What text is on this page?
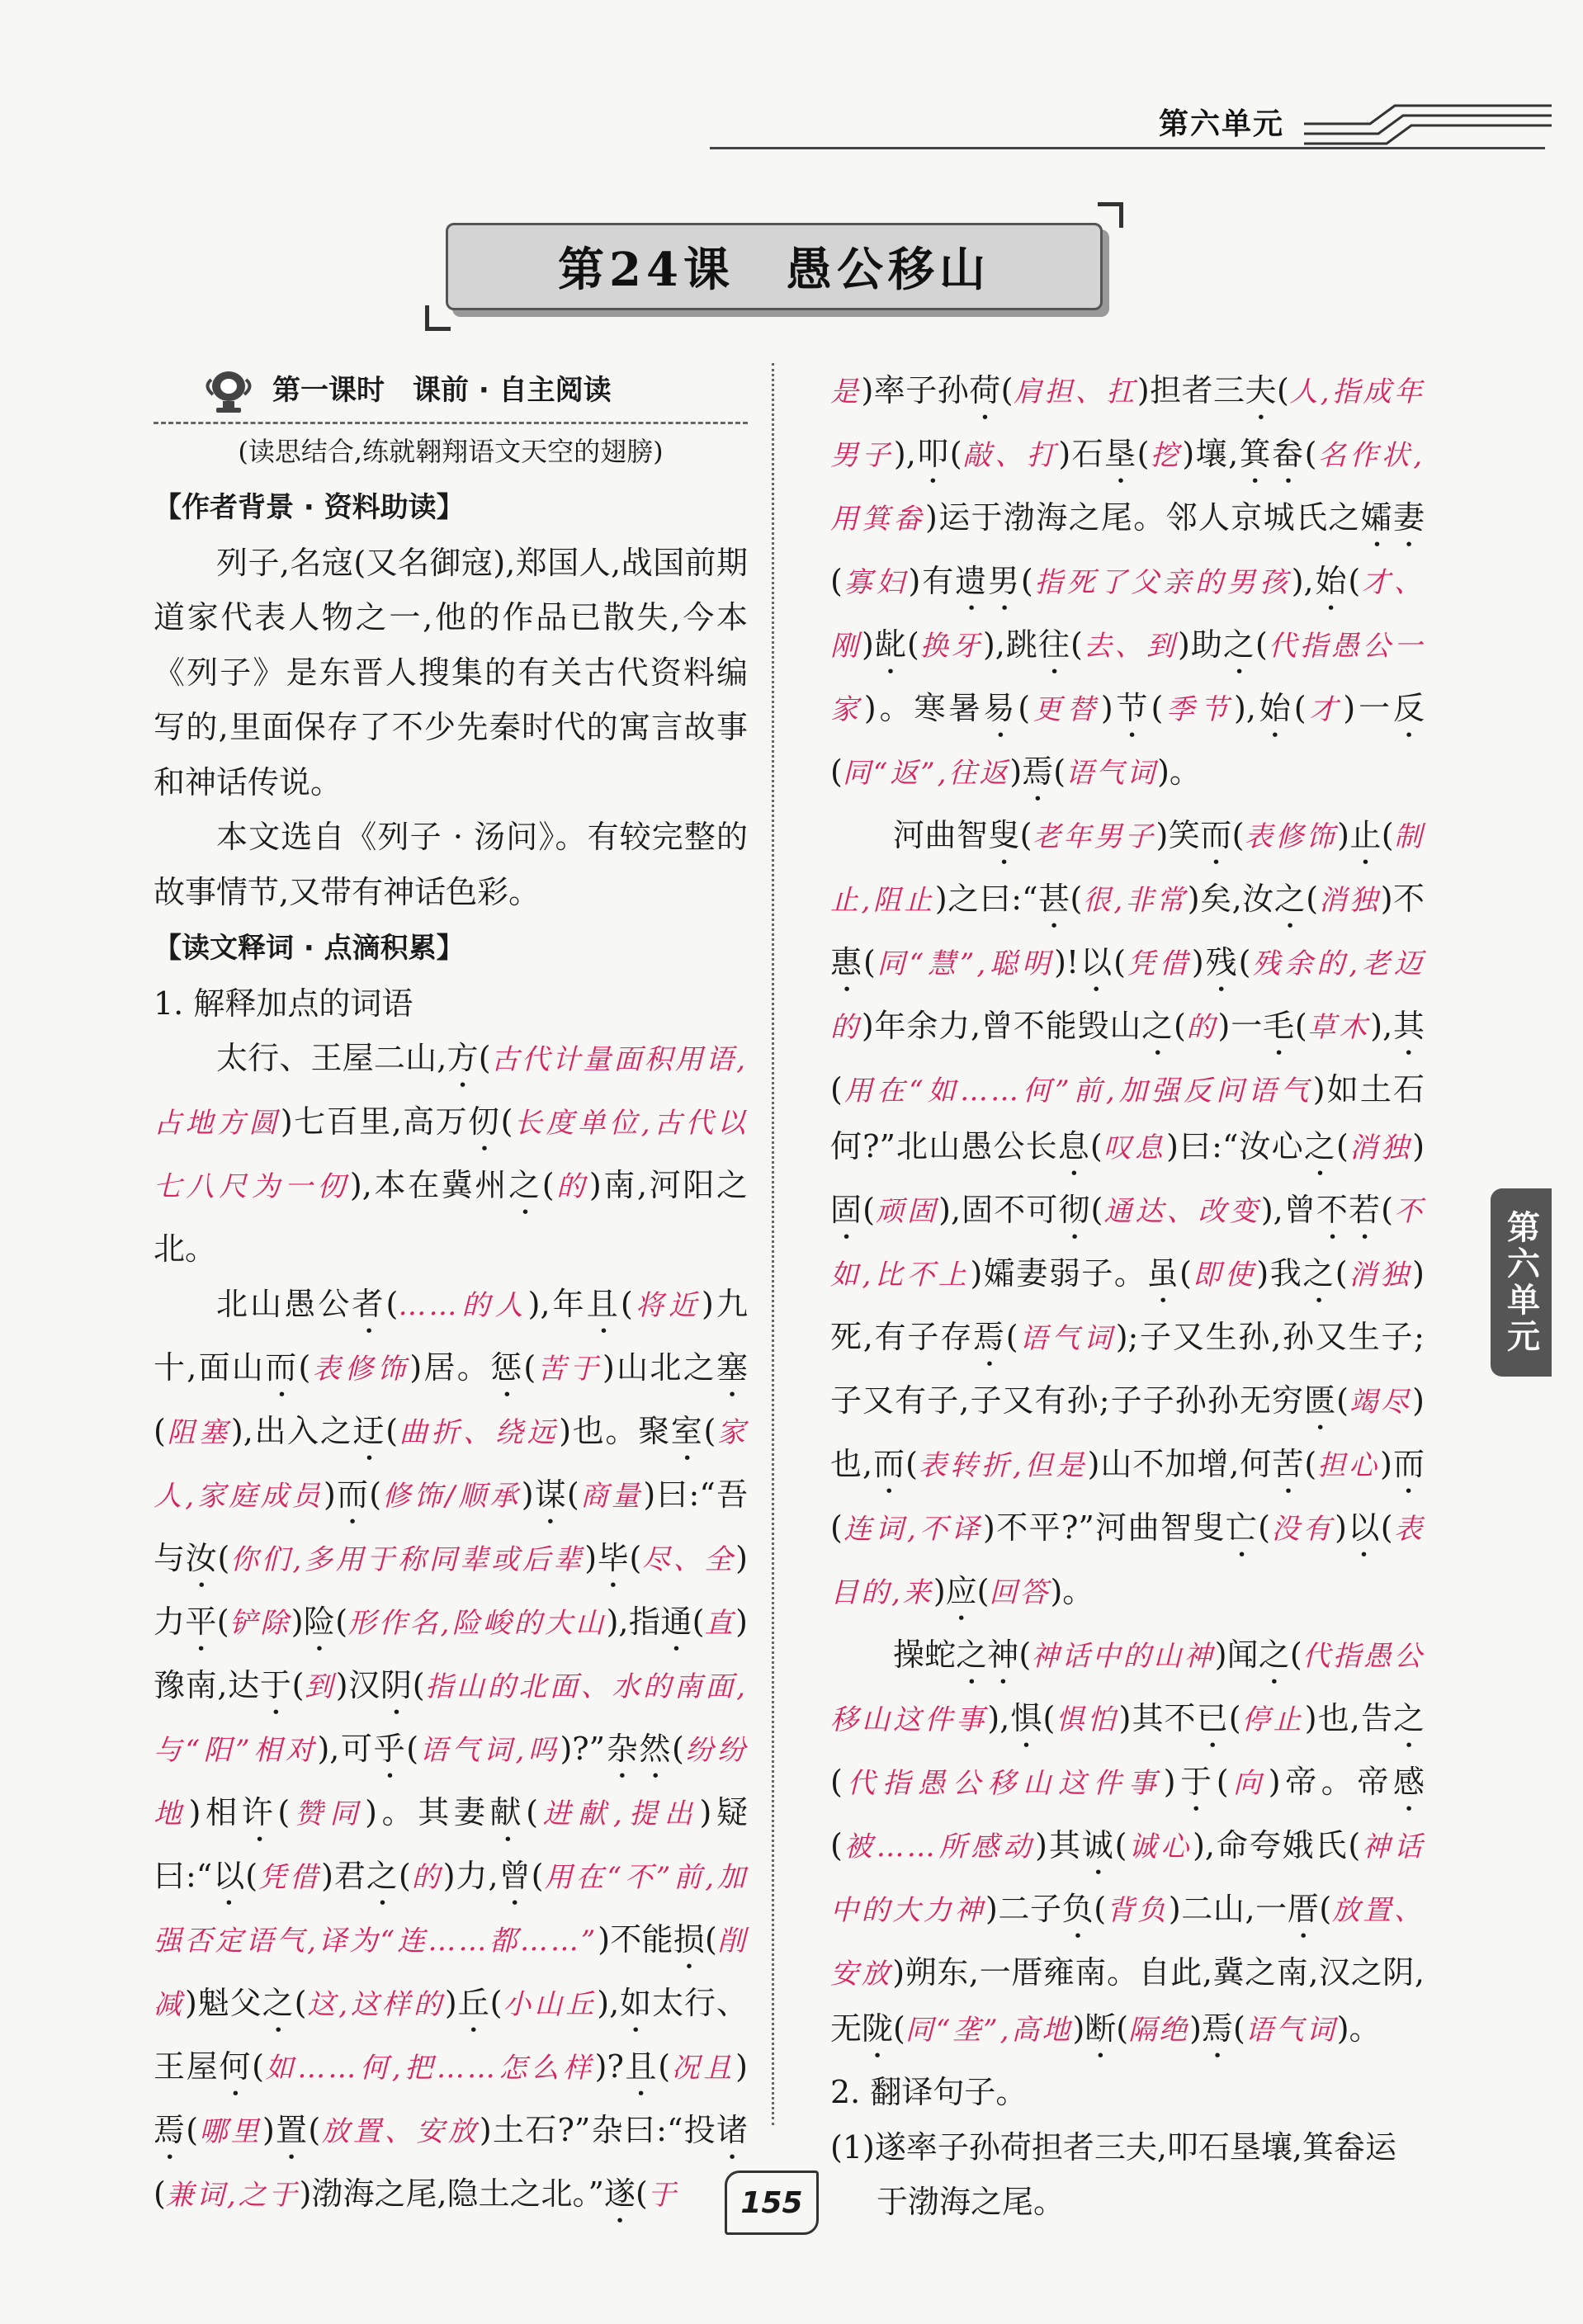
第六单元
第24课　愚公移山
第一课时　课前 · 自主阅读
(读思结合,练就翱翔语文天空的翅膀)
【作者背景 · 资料助读】

列子,名寇(又名御寇),郑国人,战国前期道家代表人物之一,他的作品已散失,今本《列子》是东晋人搜集的有关古代资料编写的,里面保存了不少先秦时代的寓言故事和神话传说。

本文选自《列子 · 汤问》。有较完整的故事情节,又带有神话色彩。

【读文释词 · 点滴积累】

1. 解释加点的词语

太行、王屋二山,方(古代计量面积用语,占地方圆)七百里,高万仞(长度单位,古代以七八尺为一仞),本在冀州之(的)南,河阳之北。

北山愚公者(……的人),年且(将近)九十,面山而(表修饰)居。惩(苦于)山北之塞(阻塞),出入之迂(曲折、绕远)也。聚室(家人,家庭成员)而(修饰/顺承)谋(商量)曰:“吾与汝(你们,多用于称同辈或后辈)毕(尽、全)力平(铲除)险(形作名,险峻的大山),指通(直)豫南,达于(到)汉阴(指山的北面、水的南面,与“阳”相对),可乎(语气词,吗)?”杂然(纷纷地)相许(赞同)。其妻献(进献,提出)疑曰:“以(凭借)君之(的)力,曾(用在“不”前,加强否定语气,译为“连……都……”)不能损(削减)魁父之(这,这样的)丘(小山丘),如太行、王屋何(如……何,把……怎么样)?且(况且)焉(哪里)置(放置、安放)土石?”杂曰:“投诸(兼词,之于)渤海之尾,隐土之北。”遂(于

是)率子孙荷(肩担、扛)担者三夫(人,指成年男子),叩(敲、打)石垦(挖)壤,箕畚(名作状,用箕畚)运于渤海之尾。邻人京城氏之孀妻(寡妇)有遗男(指死了父亲的男孩),始(才、刚)龀(换牙),跳往(去、到)助之(代指愚公一家)。寒暑易(更替)节(季节),始(才)一反(同“返”,往返)焉(语气词)。

河曲智叟(老年男子)笑而(表修饰)止(制止,阻止)之曰:“甚(很,非常)矣,汝之(消独)不惠(同“慧”,聪明)!以(凭借)残(残余的,老迈的)年余力,曾不能毁山之(的)一毛(草木),其(用在“如……何”前,加强反问语气)如土石何?”北山愚公长息(叹息)曰:“汝心之(消独)固(顽固),固不可彻(通达、改变),曾不若(不如,比不上)孀妻弱子。虽(即使)我之(消独)死,有子存焉(语气词);子又生孙,孙又生子;子又有子,子又有孙;子子孙孙无穷匮(竭尽)也,而(表转折,但是)山不加增,何苦(担心)而(连词,不译)不平?”河曲智叟亡(没有)以(表目的,来)应(回答)。

操蛇之神(神话中的山神)闻之(代指愚公移山这件事),惧(惧怕)其不已(停止)也,告之(代指愚公移山这件事)于(向)帝。帝感(被……所感动)其诚(诚心),命夸娥氏(神话中的大力神)二子负(背负)二山,一厝(放置、安放)朔东,一厝雍南。自此,冀之南,汉之阴,无陇(同“垄”,高地)断(隔绝)焉(语气词)。

2. 翻译句子。

(1)遂率子孙荷担者三夫,叩石垦壤,箕畚运

于渤海之尾。

第六单元
155
